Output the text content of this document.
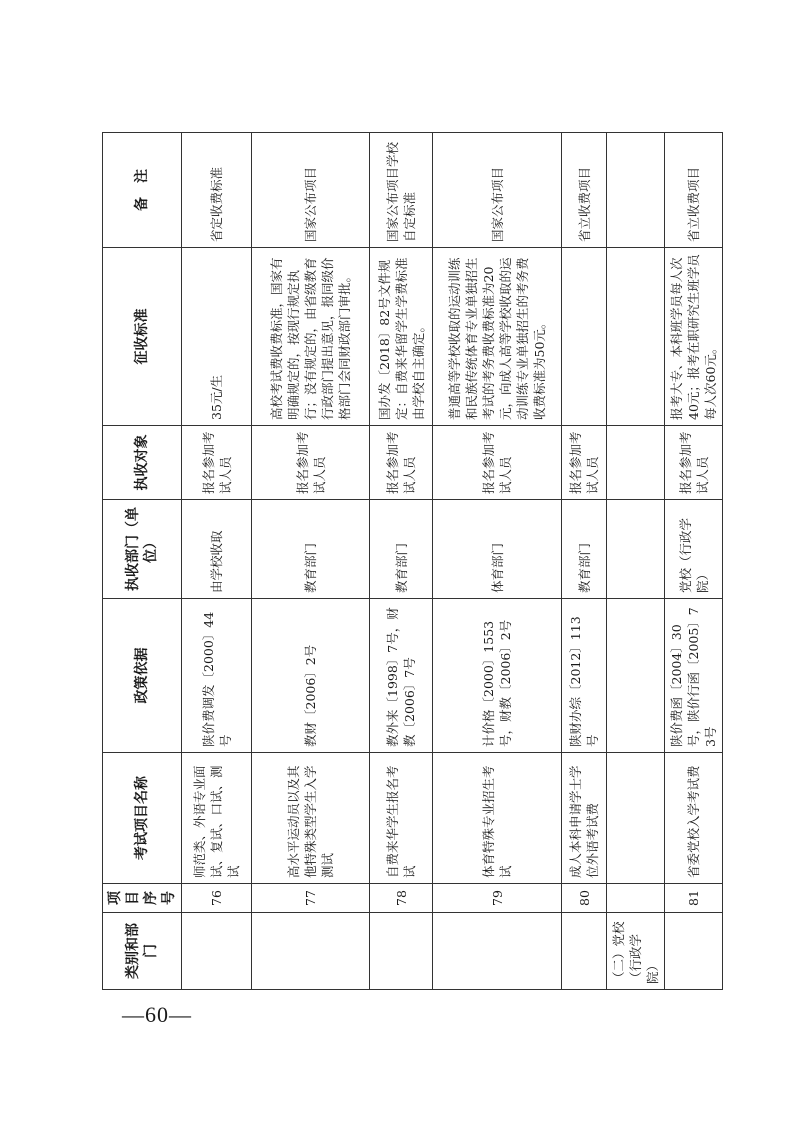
—60—
类别和部门	项目序号	考试项目名称	政策依据	执收部门（单位）	执收对象	征收标准	备　注
	76	师范类、外语专业面试、复试、口试、测试	陕价费调发〔2000〕44号	由学校收取	报名参加考试人员	35元/生	省定收费标准
	77	高水平运动员以及其他特殊类型学生入学测试	教财〔2006〕2号	教育部门	报名参加考试人员	高校考试费收费标准，国家有明确规定的，按现行规定执行；没有规定的，由省级教育行政部门提出意见，报同级价格部门会同财政部门审批。	国家公布项目
	78	自费来华学生报名考试	教外来〔1998〕7号，财教〔2006〕7号	教育部门	报名参加考试人员	国办发〔2018〕82号文件规定：自费来华留学生学费标准由学校自主确定。	国家公布项目学校自定标准
	79	体育特殊专业招生考试	计价格〔2000〕1553号，财教〔2006〕2号	体育部门	报名参加考试人员	普通高等学校收取的运动训练和民族传统体育专业单独招生考试的考务费收费标准为20元，向成人高等学校收取的运动训练专业单独招生的考务费收费标准为50元。	国家公布项目
	80	成人本科申请学士学位外语考试费	陕财办综〔2012〕113号	教育部门	报名参加考试人员		省立收费项目
（二）党校（行政学院）							
	81	省委党校入学考试费	陕价费函〔2004〕30号，陕价行函〔2005〕73号	党校（行政学院）	报名参加考试人员	报考大专、本科班学员每人次40元；报考在职研究生班学员每人次60元。	省立收费项目
